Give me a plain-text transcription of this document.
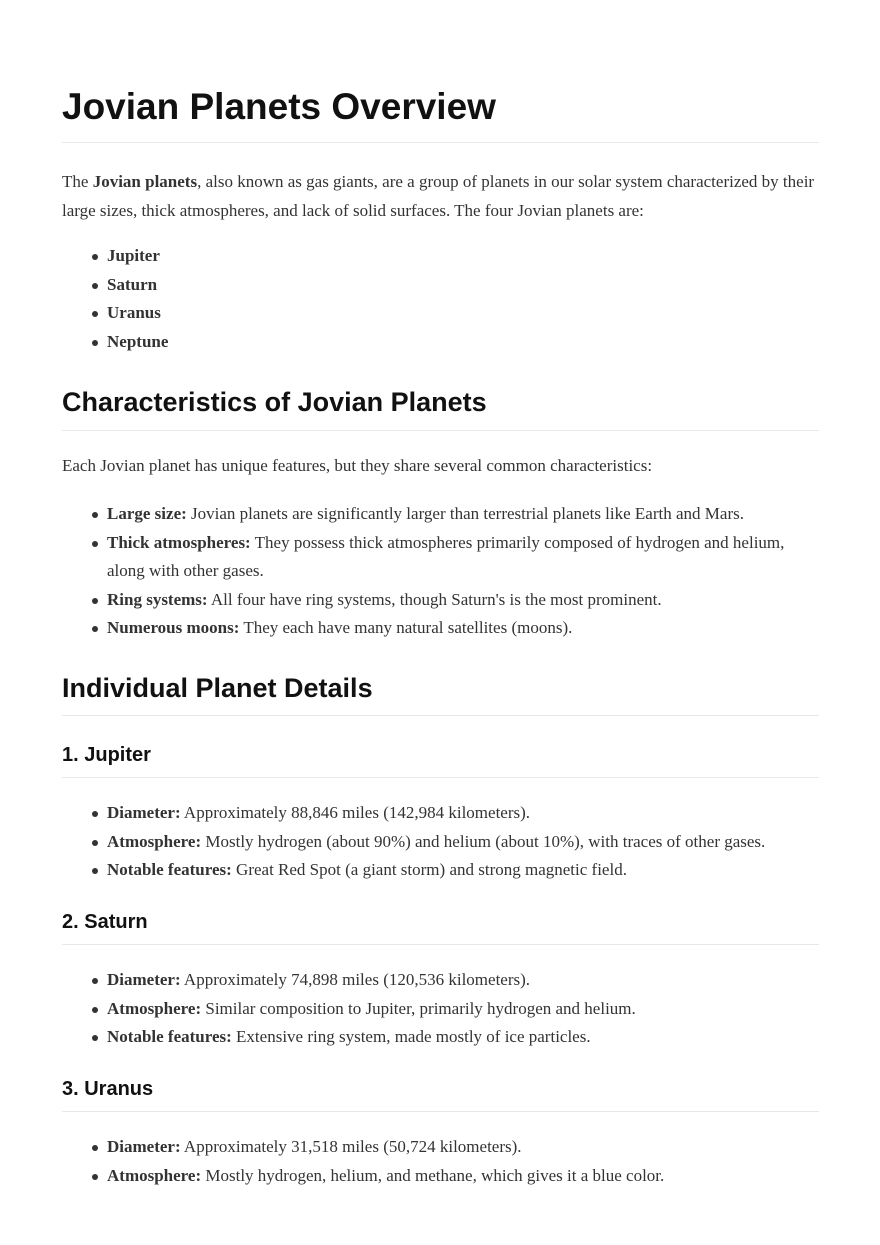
Jovian Planets Overview

The Jovian planets, also known as gas giants, are a group of planets in our solar system characterized by their large sizes, thick atmospheres, and lack of solid surfaces. The four Jovian planets are:

Jupiter
Saturn
Uranus
Neptune
Characteristics of Jovian Planets

Each Jovian planet has unique features, but they share several common characteristics:

Large size: Jovian planets are significantly larger than terrestrial planets like Earth and Mars.
Thick atmospheres: They possess thick atmospheres primarily composed of hydrogen and helium, along with other gases.
Ring systems: All four have ring systems, though Saturn's is the most prominent.
Numerous moons: They each have many natural satellites (moons).
Individual Planet Details
1. Jupiter
Diameter: Approximately 88,846 miles (142,984 kilometers).
Atmosphere: Mostly hydrogen (about 90%) and helium (about 10%), with traces of other gases.
Notable features: Great Red Spot (a giant storm) and strong magnetic field.
2. Saturn
Diameter: Approximately 74,898 miles (120,536 kilometers).
Atmosphere: Similar composition to Jupiter, primarily hydrogen and helium.
Notable features: Extensive ring system, made mostly of ice particles.
3. Uranus
Diameter: Approximately 31,518 miles (50,724 kilometers).
Atmosphere: Mostly hydrogen, helium, and methane, which gives it a blue color.
